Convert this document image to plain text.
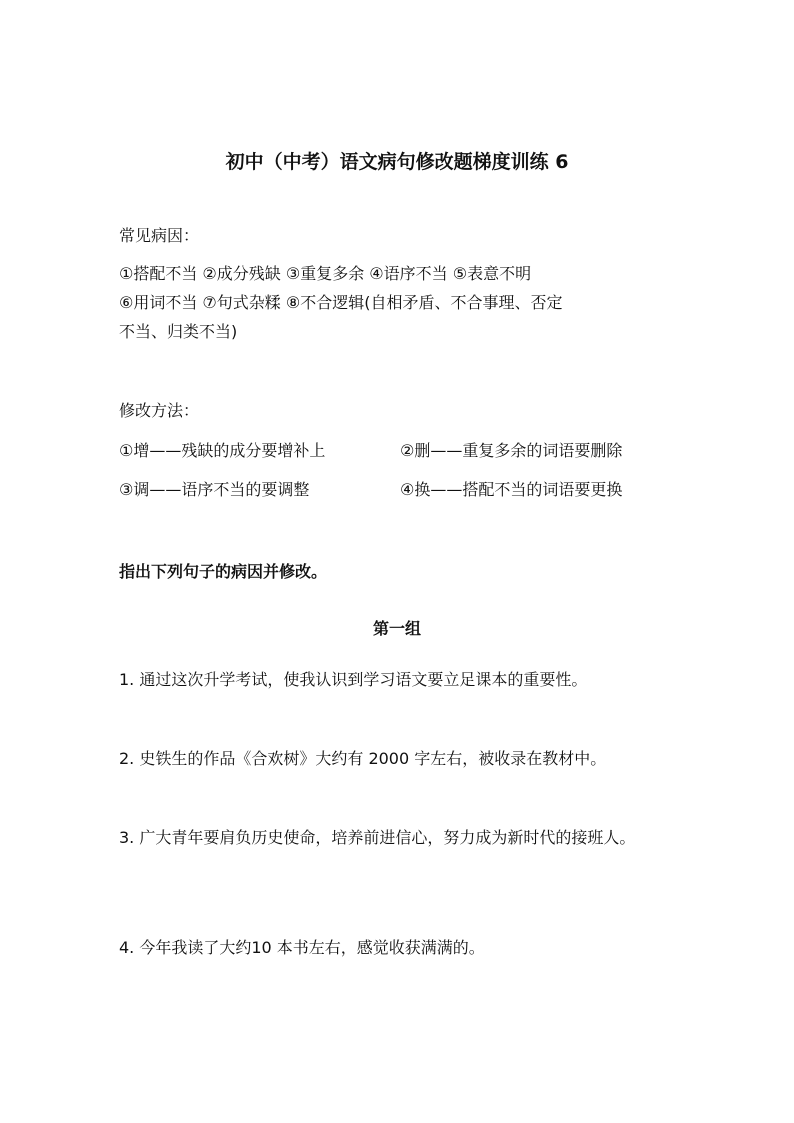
初中（中考）语文病句修改题梯度训练 6
常见病因：
①搭配不当 ②成分残缺 ③重复多余 ④语序不当 ⑤表意不明
⑥用词不当 ⑦句式杂糅 ⑧不合逻辑(自相矛盾、不合事理、否定
不当、归类不当)
修改方法：
①增——残缺的成分要增补上	②删——重复多余的词语要删除
③调——语序不当的要调整	④换——搭配不当的词语要更换
指出下列句子的病因并修改。
第一组
1. 通过这次升学考试，使我认识到学习语文要立足课本的重要性。
2. 史铁生的作品《合欢树》大约有 2000 字左右，被收录在教材中。
3. 广大青年要肩负历史使命，培养前进信心，努力成为新时代的接班人。
4. 今年我读了大约10 本书左右，感觉收获满满的。
